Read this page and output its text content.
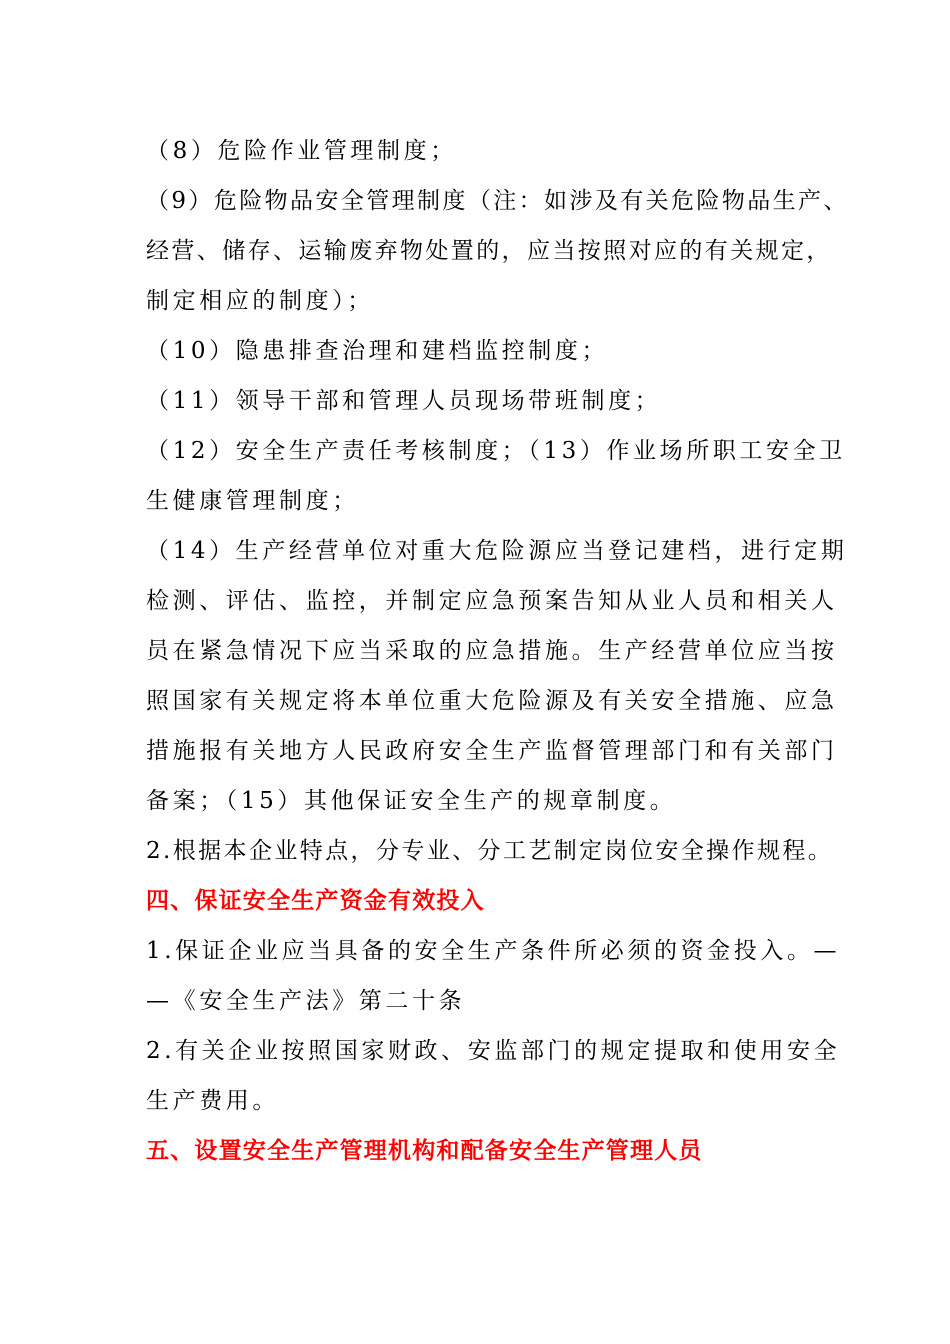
（8）危险作业管理制度；
（9）危险物品安全管理制度（注：如涉及有关危险物品生产、
经营、储存、运输废弃物处置的，应当按照对应的有关规定，
制定相应的制度）；
（10）隐患排查治理和建档监控制度；
（11）领导干部和管理人员现场带班制度；
（12）安全生产责任考核制度；（13）作业场所职工安全卫
生健康管理制度；
（14）生产经营单位对重大危险源应当登记建档，进行定期
检测、评估、监控，并制定应急预案告知从业人员和相关人
员在紧急情况下应当采取的应急措施。生产经营单位应当按
照国家有关规定将本单位重大危险源及有关安全措施、应急
措施报有关地方人民政府安全生产监督管理部门和有关部门
备案；（15）其他保证安全生产的规章制度。
2.根据本企业特点，分专业、分工艺制定岗位安全操作规程。
四、保证安全生产资金有效投入
1.保证企业应当具备的安全生产条件所必须的资金投入。—
—《安全生产法》第二十条
2.有关企业按照国家财政、安监部门的规定提取和使用安全
生产费用。
五、设置安全生产管理机构和配备安全生产管理人员
